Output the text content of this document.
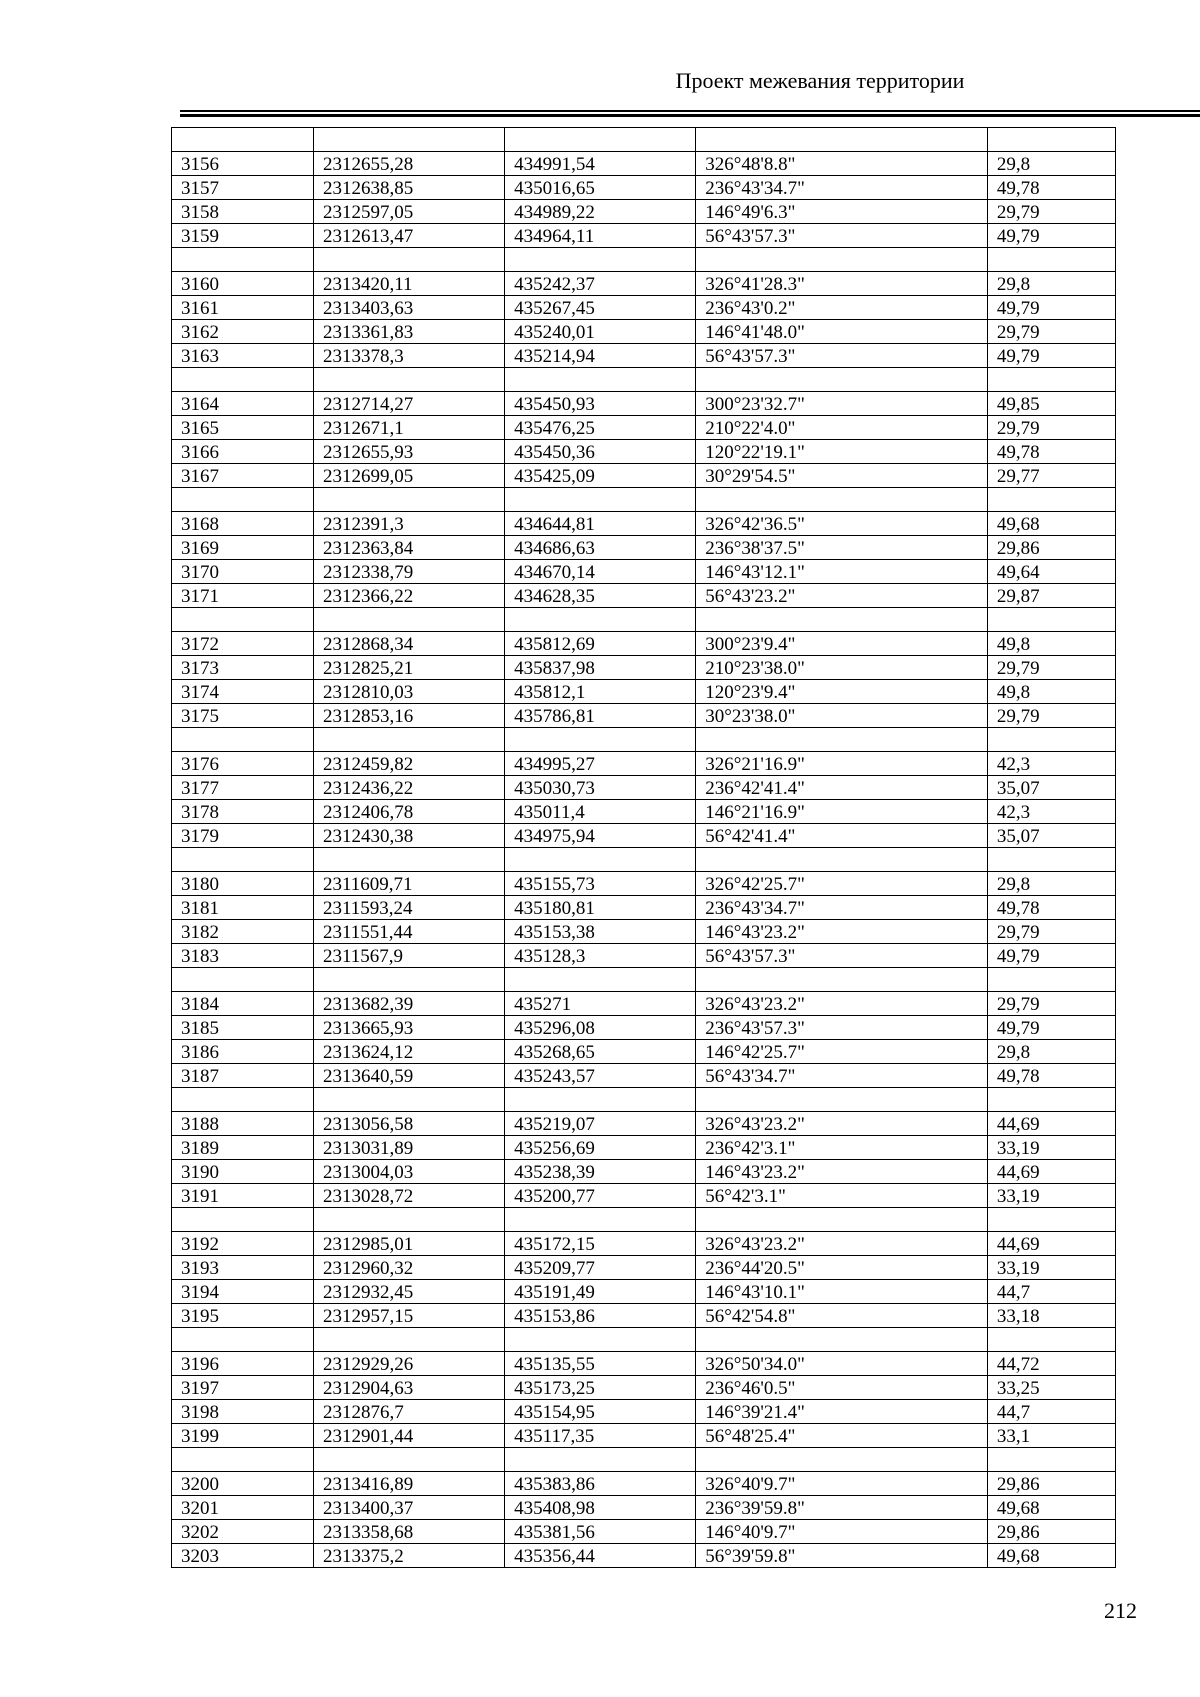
Проект межевания территории

3156	2312655,28	434991,54	326°48'8.8"	29,8
3157	2312638,85	435016,65	236°43'34.7"	49,78
3158	2312597,05	434989,22	146°49'6.3"	29,79
3159	2312613,47	434964,11	56°43'57.3"	49,79

3160	2313420,11	435242,37	326°41'28.3"	29,8
3161	2313403,63	435267,45	236°43'0.2"	49,79
3162	2313361,83	435240,01	146°41'48.0"	29,79
3163	2313378,3	435214,94	56°43'57.3"	49,79

3164	2312714,27	435450,93	300°23'32.7"	49,85
3165	2312671,1	435476,25	210°22'4.0"	29,79
3166	2312655,93	435450,36	120°22'19.1"	49,78
3167	2312699,05	435425,09	30°29'54.5"	29,77

3168	2312391,3	434644,81	326°42'36.5"	49,68
3169	2312363,84	434686,63	236°38'37.5"	29,86
3170	2312338,79	434670,14	146°43'12.1"	49,64
3171	2312366,22	434628,35	56°43'23.2"	29,87

3172	2312868,34	435812,69	300°23'9.4"	49,8
3173	2312825,21	435837,98	210°23'38.0"	29,79
3174	2312810,03	435812,1	120°23'9.4"	49,8
3175	2312853,16	435786,81	30°23'38.0"	29,79

3176	2312459,82	434995,27	326°21'16.9"	42,3
3177	2312436,22	435030,73	236°42'41.4"	35,07
3178	2312406,78	435011,4	146°21'16.9"	42,3
3179	2312430,38	434975,94	56°42'41.4"	35,07

3180	2311609,71	435155,73	326°42'25.7"	29,8
3181	2311593,24	435180,81	236°43'34.7"	49,78
3182	2311551,44	435153,38	146°43'23.2"	29,79
3183	2311567,9	435128,3	56°43'57.3"	49,79

3184	2313682,39	435271	326°43'23.2"	29,79
3185	2313665,93	435296,08	236°43'57.3"	49,79
3186	2313624,12	435268,65	146°42'25.7"	29,8
3187	2313640,59	435243,57	56°43'34.7"	49,78

3188	2313056,58	435219,07	326°43'23.2"	44,69
3189	2313031,89	435256,69	236°42'3.1"	33,19
3190	2313004,03	435238,39	146°43'23.2"	44,69
3191	2313028,72	435200,77	56°42'3.1"	33,19

3192	2312985,01	435172,15	326°43'23.2"	44,69
3193	2312960,32	435209,77	236°44'20.5"	33,19
3194	2312932,45	435191,49	146°43'10.1"	44,7
3195	2312957,15	435153,86	56°42'54.8"	33,18

3196	2312929,26	435135,55	326°50'34.0"	44,72
3197	2312904,63	435173,25	236°46'0.5"	33,25
3198	2312876,7	435154,95	146°39'21.4"	44,7
3199	2312901,44	435117,35	56°48'25.4"	33,1

3200	2313416,89	435383,86	326°40'9.7"	29,86
3201	2313400,37	435408,98	236°39'59.8"	49,68
3202	2313358,68	435381,56	146°40'9.7"	29,86
3203	2313375,2	435356,44	56°39'59.8"	49,68
212
